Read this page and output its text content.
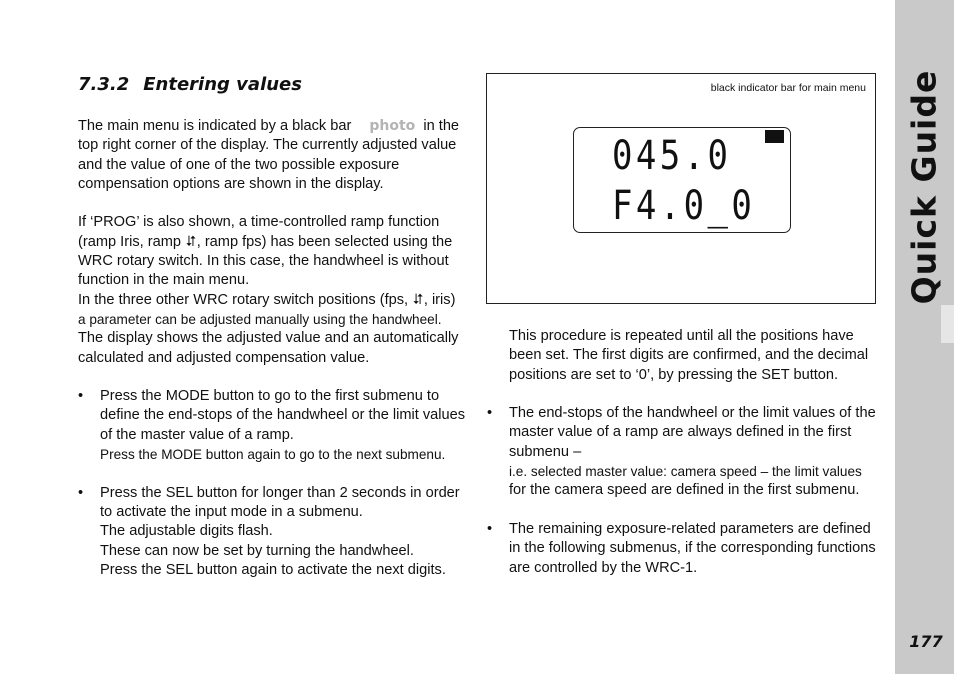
Quick Guide
177
7.3.2 Entering values

The main menu is indicated by a black bar photo in the top right corner of the display. The currently adjusted value and the value of one of the two possible exposure compensation options are shown in the display.

If ‘PROG’ is also shown, a time-controlled ramp function (ramp Iris, ramp ⮃, ramp fps) has been selected using the WRC rotary switch. In this case, the handwheel is without function in the main menu.

In the three other WRC rotary switch positions (fps, ⮃, iris)

a parameter can be adjusted manually using the handwheel.

The display shows the adjusted value and an automatically calculated and adjusted compensation value.

• Press the MODE button to go to the first submenu to define the end-stops of the handwheel or the limit values of the master value of a ramp.

Press the MODE button again to go to the next submenu.

• Press the SEL button for longer than 2 seconds in order to activate the input mode in a submenu.

The adjustable digits flash.

These can now be set by turning the handwheel.

Press the SEL button again to activate the next digits.

black indicator bar for main menu
045.0
F4.0_0

This procedure is repeated until all the positions have been set. The first digits are confirmed, and the decimal positions are set to ‘0’, by pressing the SET button.

• The end-stops of the handwheel or the limit values of the master value of a ramp are always defined in the first submenu –

i.e. selected master value: camera speed – the limit values

for the camera speed are defined in the first submenu.

• The remaining exposure-related parameters are defined in the following submenus, if the corresponding functions are controlled by the WRC-1.
